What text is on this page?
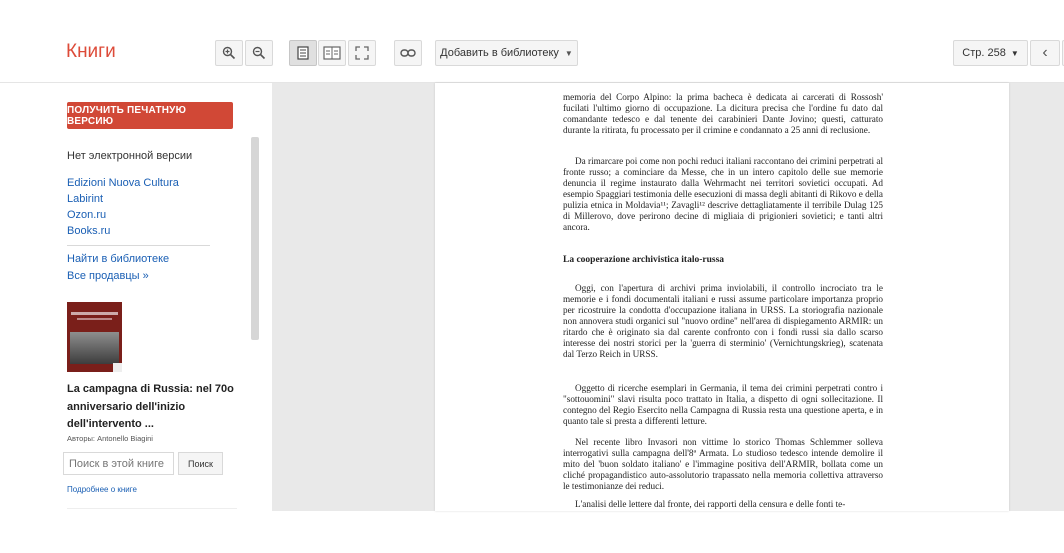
Книги	Добавить в библиотеку ▼	Стр. 258 ▼ ‹
ПОЛУЧИТЬ ПЕЧАТНУЮ ВЕРСИЮ
Нет электронной версии
Edizioni Nuova Cultura
Labirint
Ozon.ru
Books.ru
Найти в библиотеке
Все продавцы »
La campagna di Russia: nel 70o anniversario dell'inizio dell'intervento ...
Авторы: Antonello Biagini
Поиск в этой книге
Поиск
Подробнее о книге

memoria del Corpo Alpino: la prima bacheca è dedicata ai carcerati di Rossosh' fucilati l'ultimo giorno di occupazione. La dicitura precisa che l'ordine fu dato dal comandante tedesco e dal tenente dei carabinieri Dante Jovino; questi, catturato durante la ritirata, fu processato per il crimine e condannato a 25 anni di reclusione.

Da rimarcare poi come non pochi reduci italiani raccontano dei crimini perpetrati al fronte russo; a cominciare da Messe, che in un intero capitolo delle sue memorie denuncia il regime instaurato dalla Wehrmacht nei territori sovietici occupati. Ad esempio Spaggiari testimonia delle esecuzioni di massa degli abitanti di Rikovo e della pulizia etnica in Moldavia¹¹; Zavagli¹² descrive dettagliatamente il terribile Dulag 125 di Millerovo, dove perirono decine di migliaia di prigionieri sovietici; e tanti altri ancora.

La cooperazione archivistica italo-russa

Oggi, con l'apertura di archivi prima inviolabili, il controllo incrociato tra le memorie e i fondi documentali italiani e russi assume particolare importanza proprio per ricostruire la condotta d'occupazione italiana in URSS. La storiografia nazionale non annovera studi organici sul "nuovo ordine" nell'area di dispiegamento ARMIR: un ritardo che è originato sia dal carente confronto con i fondi russi sia dallo scarso interesse dei nostri storici per la 'guerra di sterminio' (Vernichtungskrieg), scatenata dal Terzo Reich in URSS.

Oggetto di ricerche esemplari in Germania, il tema dei crimini perpetrati contro i "sottouomini" slavi risulta poco trattato in Italia, a dispetto di ogni sollecitazione. Il contegno del Regio Esercito nella Campagna di Russia resta una questione aperta, e in quanto tale si presta a differenti letture.

Nel recente libro Invasori non vittime lo storico Thomas Schlemmer solleva interrogativi sulla campagna dell'8ª Armata. Lo studioso tedesco intende demolire il mito del 'buon soldato italiano' e l'immagine positiva dell'ARMIR, bollata come un cliché propagandistico auto-assolutorio trapassato nella memoria collettiva attraverso le testimonianze dei reduci.

L'analisi delle lettere dal fronte, dei rapporti della censura e delle fonti te-
